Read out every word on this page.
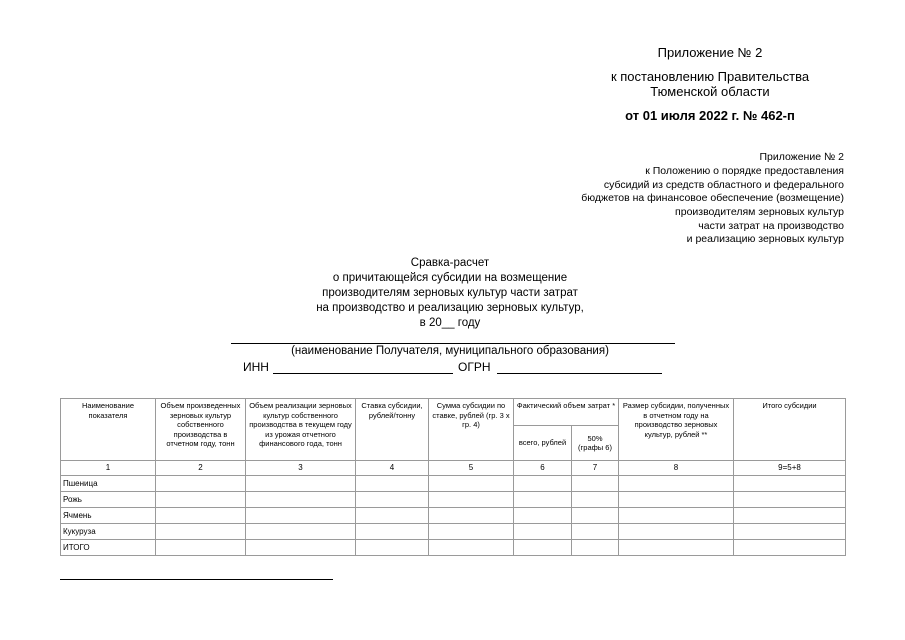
Приложение № 2
к постановлению Правительства
Тюменской области
от 01 июля 2022 г. № 462-п
Приложение № 2
к Положению о порядке предоставления
субсидий из средств областного и федерального
бюджетов на финансовое обеспечение (возмещение)
производителям зерновых культур
части затрат на производство
и реализацию зерновых культур
Сравка-расчет
о причитающейся субсидии на возмещение
производителям зерновых культур части затрат
на производство и реализацию зерновых культур,
в 20__ году
(наименование Получателя, муниципального образования)
ИНН	ОГРН
Наименование показателя	Объем произведенных зерновых культур собственного производства в отчетном году, тонн	Объем реализации зерновых культур собственного производства в текущем году из урожая отчетного финансового года, тонн	Ставка субсидии, рублей/тонну	Сумма субсидии по ставке, рублей (гр. 3 х гр. 4)	Фактический объем затрат *		Размер субсидии, полученных в отчетном году на производство зерновых культур, рублей **	Итого субсидии
					всего, рублей	50% (графы 6)		
1	2	3	4	5	6	7	8	9=5+8
Пшеница								
Рожь								
Ячмень								
Кукуруза								
ИТОГО								
